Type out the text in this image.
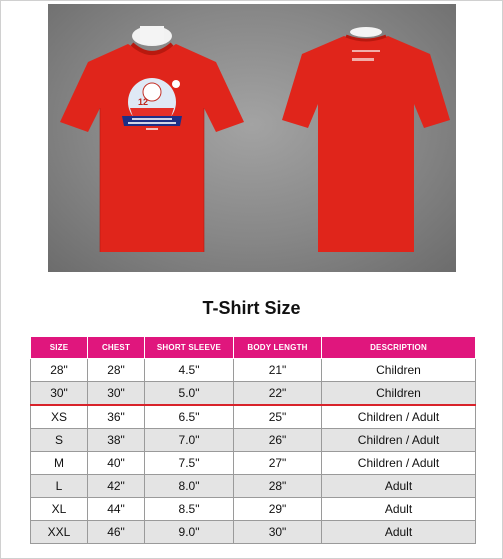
12
T-Shirt Size
SIZE	CHEST	SHORT SLEEVE	BODY LENGTH	DESCRIPTION
28"	28"	4.5"	21"	Children
30"	30"	5.0"	22"	Children
XS	36"	6.5"	25"	Children / Adult
S	38"	7.0"	26"	Children / Adult
M	40"	7.5"	27"	Children / Adult
L	42"	8.0"	28"	Adult
XL	44"	8.5"	29"	Adult
XXL	46"	9.0"	30"	Adult
